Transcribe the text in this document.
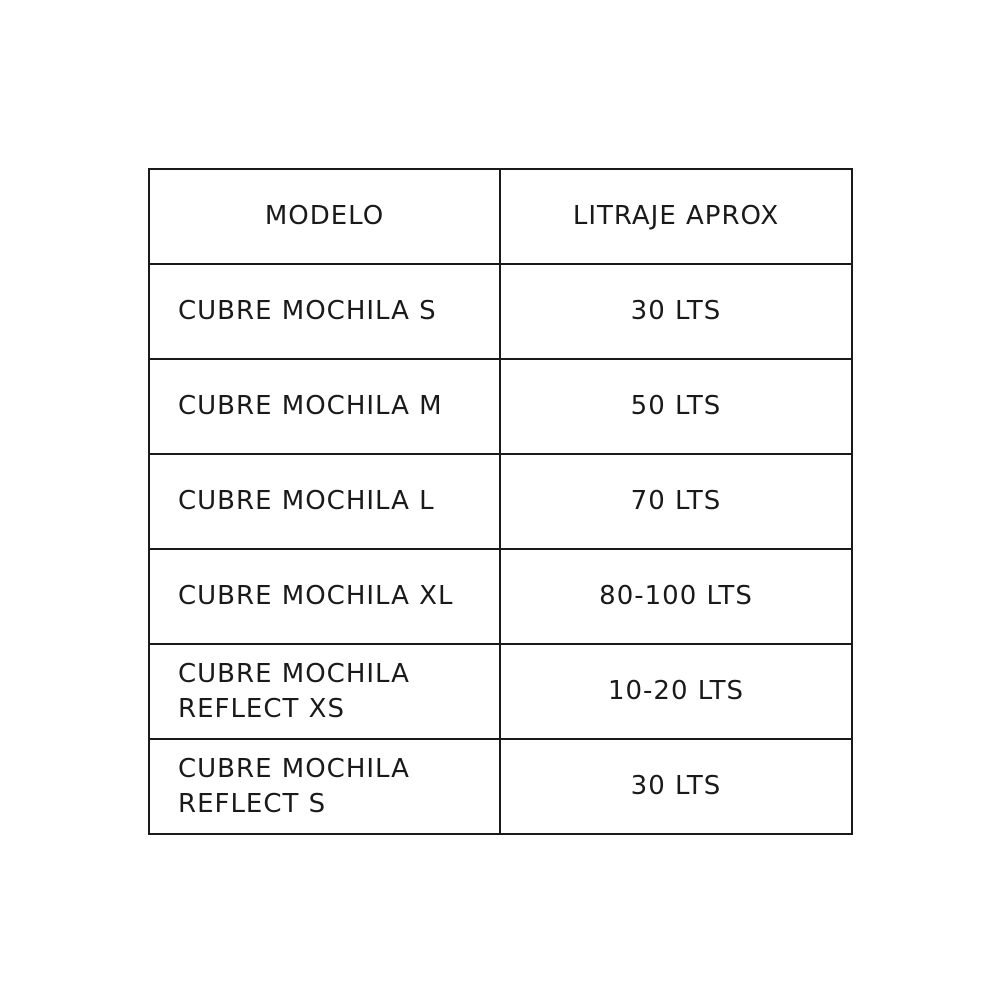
MODELO	LITRAJE APROX
CUBRE MOCHILA S	30 LTS
CUBRE MOCHILA M	50 LTS
CUBRE MOCHILA L	70 LTS
CUBRE MOCHILA XL	80-100 LTS
CUBRE MOCHILA
REFLECT XS	10-20 LTS
CUBRE MOCHILA
REFLECT S	30 LTS
